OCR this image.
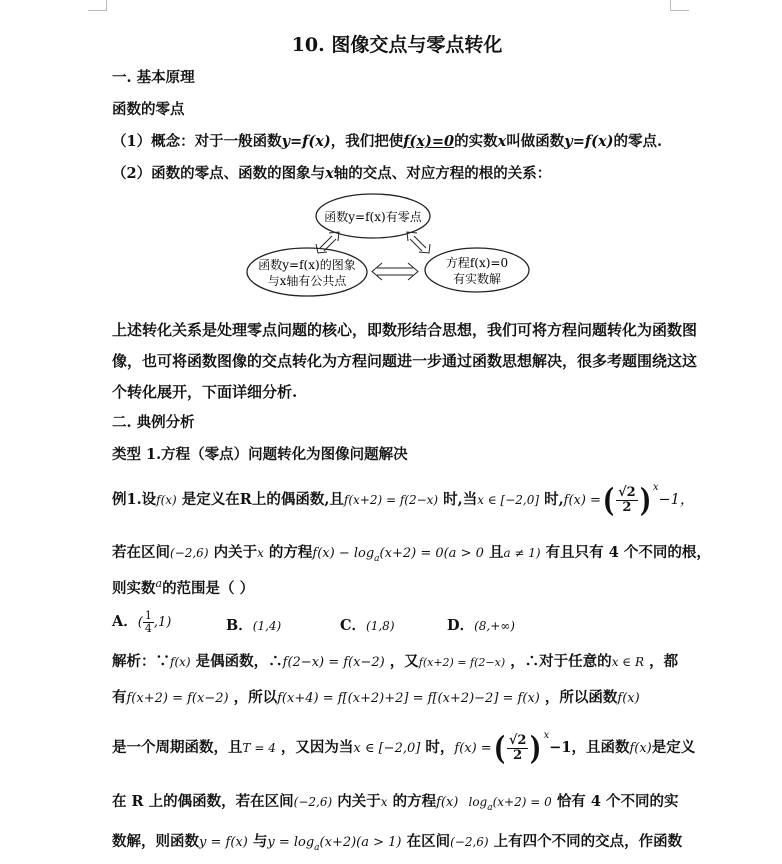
10. 图像交点与零点转化
一. 基本原理
函数的零点
（1）概念：对于一般函数y=f(x)，我们把使f(x)=0的实数x叫做函数y=f(x)的零点.
（2）函数的零点、函数的图象与x轴的交点、对应方程的根的关系：
函数y=f(x)有零点
函数y=f(x)的图象
与x轴有公共点
方程f(x)=0
有实数解
上述转化关系是处理零点问题的核心，即数形结合思想，我们可将方程问题转化为函数图
像，也可将函数图像的交点转化为方程问题进一步通过函数思想解决，很多考题围绕这这
个转化展开，下面详细分析.
二. 典例分析
类型 1.方程（零点）问题转化为图像问题解决
例1.设f(x) 是定义在R上的偶函数,且f(x+2) = f(2−x) 时,当x ∈ [−2,0] 时,f(x) =( $\frac{√2}{2}$ ) $^x$−1，
若在区间(−2,6) 内关于x 的方程$f(x) - \log_a(x+2) = 0(a > 0$ 且a ≠ 1) 有且只有 4 个不同的根，
则实数$^a$的范围是（ ）
A．( $\frac{1}{4} ,1$)	B．(1,4)	C．(1,8)	D．(8,+∞)
解析：∵f(x) 是偶函数，∴f(2−x) = f(x−2) ，又f(x+2) = f(2−x) ，∴对于任意的x ∈ R ，都
有f(x+2) = f(x−2) ，所以f(x+4) = f[(x+2)+2] = f[(x+2)−2] = f(x) ，所以函数f(x)
是一个周期函数，且T = 4 ，又因为当x ∈ [−2,0] 时，f(x) =( $\frac{√2}{2}$ ) $^x$−1，且函数f(x)是定义
在 R 上的偶函数，若在区间(−2,6) 内关于x 的方程f(x) $\log_a(x+2) = 0$ 恰有 4 个不同的实
数解，则函数y = f(x) 与$y = \log_a(x+2)(a > 1)$ 在区间(−2,6) 上有四个不同的交点，作函数
